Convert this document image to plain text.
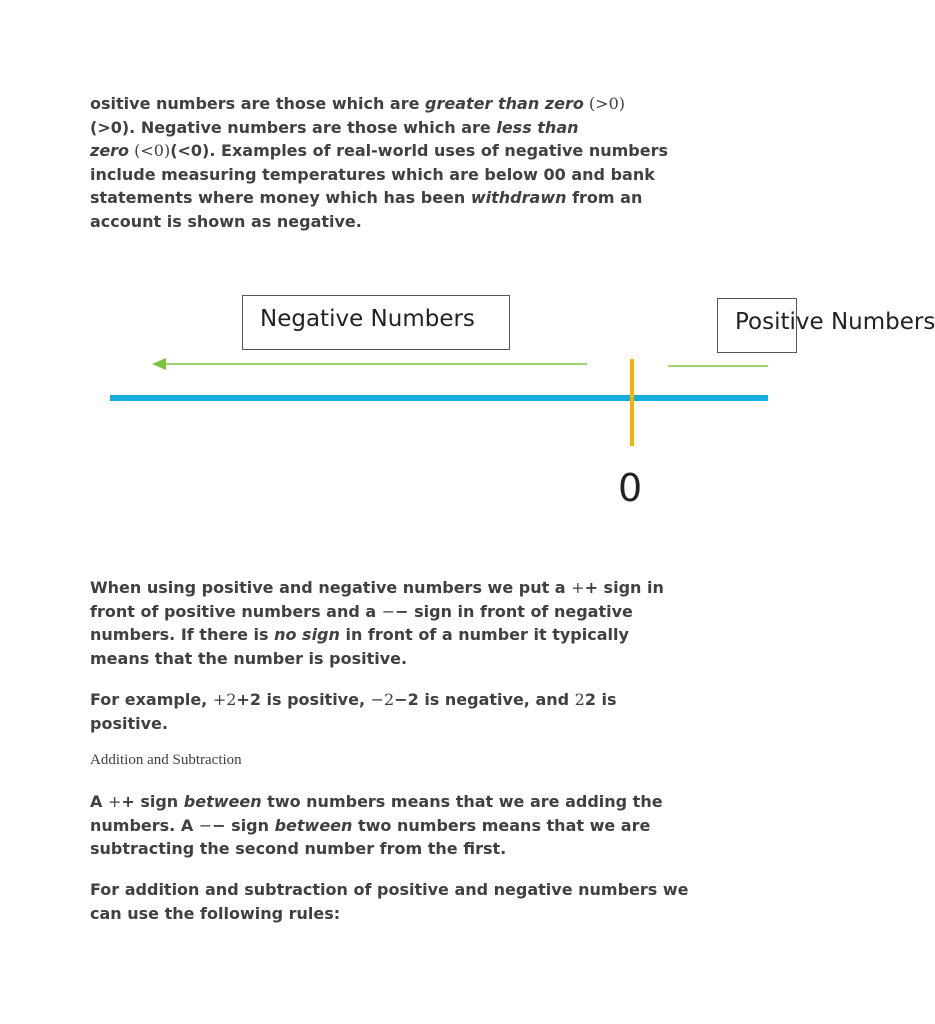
ositive numbers are those which are greater than zero (>0)
(>0). Negative numbers are those which are less than
zero (<0)(<0). Examples of real-world uses of negative numbers include measuring temperatures which are below 00 and bank statements where money which has been withdrawn from an account is shown as negative.

Negative Numbers	Positive Numbers

0

When using positive and negative numbers we put a ++ sign in front of positive numbers and a −− sign in front of negative numbers. If there is no sign in front of a number it typically means that the number is positive.

For example, +2+2 is positive, −2−2 is negative, and 22 is positive.

Addition and Subtraction

A ++ sign between two numbers means that we are adding the numbers. A −− sign between two numbers means that we are subtracting the second number from the first.

For addition and subtraction of positive and negative numbers we can use the following rules:
